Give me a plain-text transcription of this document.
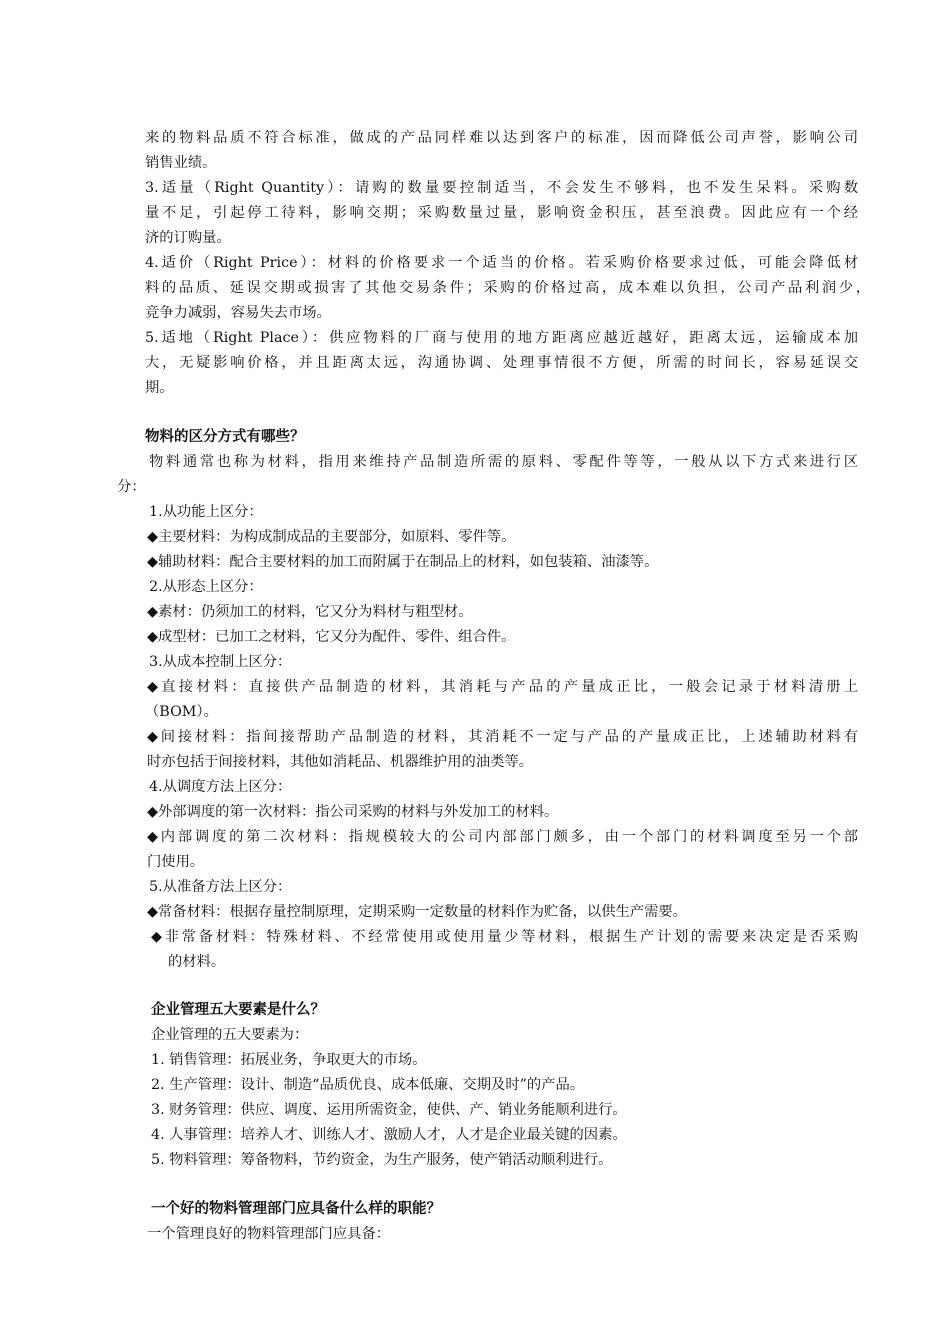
来的物料品质不符合标准，做成的产品同样难以达到客户的标准，因而降低公司声誉，影响公司
销售业绩。
3.适量（Right Quantity）：请购的数量要控制适当，不会发生不够料，也不发生呆料。采购数
量不足，引起停工待料，影响交期；采购数量过量，影响资金积压，甚至浪费。因此应有一个经
济的订购量。
4.适价（Right Price）：材料的价格要求一个适当的价格。若采购价格要求过低，可能会降低材
料的品质、延误交期或损害了其他交易条件；采购的价格过高，成本难以负担，公司产品利润少，
竞争力减弱，容易失去市场。
5.适地（Right Place）：供应物料的厂商与使用的地方距离应越近越好，距离太远，运输成本加
大，无疑影响价格，并且距离太远，沟通协调、处理事情很不方便，所需的时间长，容易延误交
期。
物料的区分方式有哪些？
物料通常也称为材料，指用来维持产品制造所需的原料、零配件等等，一般从以下方式来进行区
分：
1.从功能上区分：
◆主要材料：为构成制成品的主要部分，如原料、零件等。
◆辅助材料：配合主要材料的加工而附属于在制品上的材料，如包装箱、油漆等。
2.从形态上区分：
◆素材：仍须加工的材料，它又分为料材与粗型材。
◆成型材：已加工之材料，它又分为配件、零件、组合件。
3.从成本控制上区分：
◆直接材料：直接供产品制造的材料，其消耗与产品的产量成正比，一般会记录于材料清册上
（BOM）。
◆间接材料：指间接帮助产品制造的材料，其消耗不一定与产品的产量成正比，上述辅助材料有
时亦包括于间接材料，其他如消耗品、机器维护用的油类等。
4.从调度方法上区分：
◆外部调度的第一次材料：指公司采购的材料与外发加工的材料。
◆内部调度的第二次材料：指规模较大的公司内部部门颇多，由一个部门的材料调度至另一个部
门使用。
5.从准备方法上区分：
◆常备材料：根据存量控制原理，定期采购一定数量的材料作为贮备，以供生产需要。
◆非常备材料：特殊材料、不经常使用或使用量少等材料，根据生产计划的需要来决定是否采购
的材料。
企业管理五大要素是什么？
企业管理的五大要素为：
1. 销售管理：拓展业务，争取更大的市场。
2. 生产管理：设计、制造“品质优良、成本低廉、交期及时”的产品。
3. 财务管理：供应、调度、运用所需资金，使供、产、销业务能顺利进行。
4. 人事管理：培养人才、训练人才、激励人才，人才是企业最关键的因素。
5. 物料管理：筹备物料，节约资金，为生产服务，使产销活动顺利进行。
一个好的物料管理部门应具备什么样的职能？
一个管理良好的物料管理部门应具备：
